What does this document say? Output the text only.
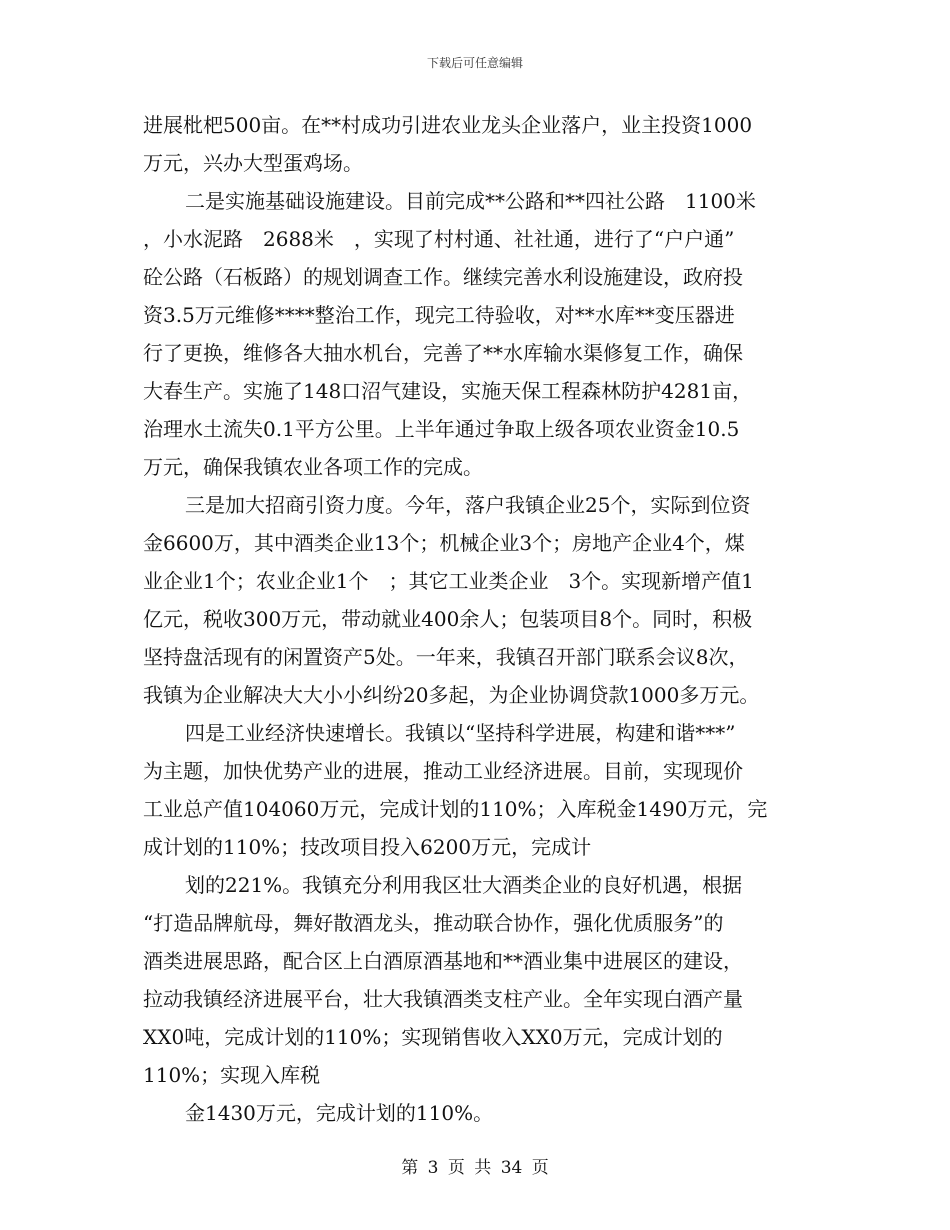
下载后可任意编辑
进展枇杷500亩。在**村成功引进农业龙头企业落户，业主投资1000
万元，兴办大型蛋鸡场。
二是实施基础设施建设。目前完成**公路和**四社公路　1100米
，小水泥路　2688米　，实现了村村通、社社通，进行了“户户通”
砼公路（石板路）的规划调查工作。继续完善水利设施建设，政府投
资3.5万元维修****整治工作，现完工待验收，对**水库**变压器进
行了更换，维修各大抽水机台，完善了**水库输水渠修复工作，确保
大春生产。实施了148口沼气建设，实施天保工程森林防护4281亩，
治理水土流失0.1平方公里。上半年通过争取上级各项农业资金10.5
万元，确保我镇农业各项工作的完成。
三是加大招商引资力度。今年，落户我镇企业25个，实际到位资
金6600万，其中酒类企业13个；机械企业3个；房地产企业4个，煤
业企业1个；农业企业1个　；其它工业类企业　3个。实现新增产值1
亿元，税收300万元，带动就业400余人；包装项目8个。同时，积极
坚持盘活现有的闲置资产5处。一年来，我镇召开部门联系会议8次，
我镇为企业解决大大小小纠纷20多起，为企业协调贷款1000多万元。
四是工业经济快速增长。我镇以“坚持科学进展，构建和谐***”
为主题，加快优势产业的进展，推动工业经济进展。目前，实现现价
工业总产值104060万元，完成计划的110%；入库税金1490万元，完
成计划的110%；技改项目投入6200万元，完成计
划的221%。我镇充分利用我区壮大酒类企业的良好机遇，根据
“打造品牌航母，舞好散酒龙头，推动联合协作，强化优质服务”的
酒类进展思路，配合区上白酒原酒基地和**酒业集中进展区的建设，
拉动我镇经济进展平台，壮大我镇酒类支柱产业。全年实现白酒产量
XX0吨，完成计划的110%；实现销售收入XX0万元，完成计划的
110%；实现入库税
金1430万元，完成计划的110%。
第 3 页 共 34 页
